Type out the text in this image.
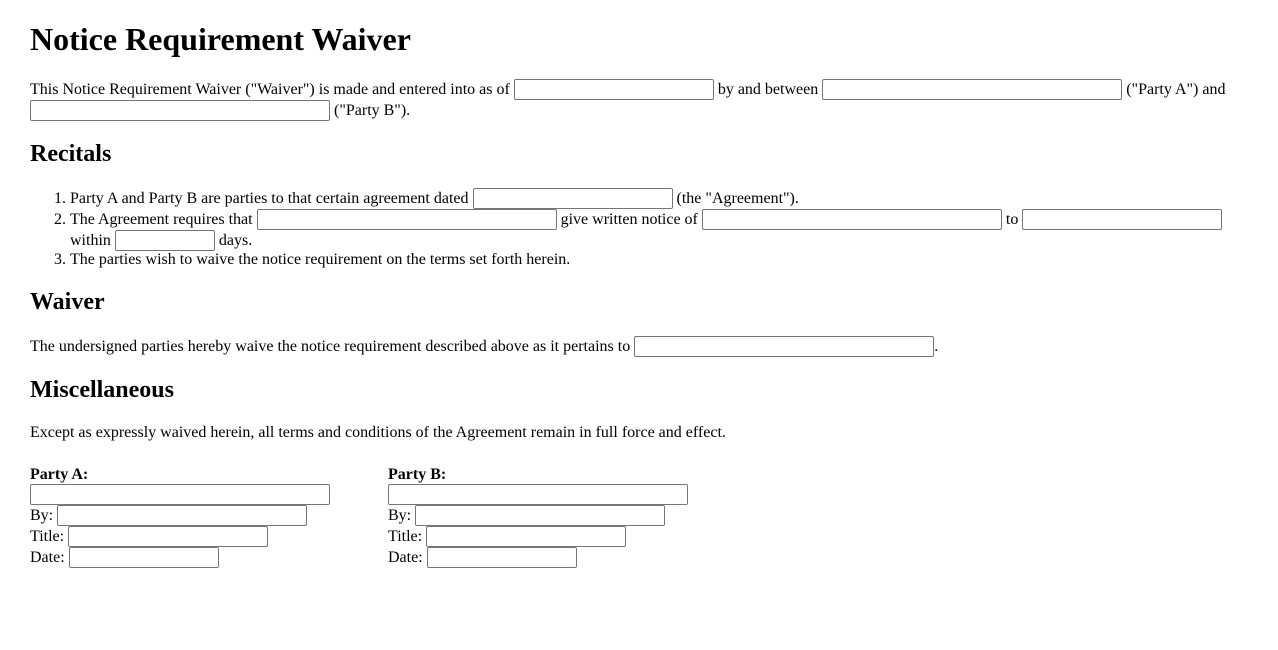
Notice Requirement Waiver

This Notice Requirement Waiver ("Waiver") is made and entered into as of	by and between	("Party A") and  ("Party B").

Recitals
1. Party A and Party B are parties to that certain agreement dated	(the "Agreement").
2. The Agreement requires that	give written notice of	to  within	days.
3. The parties wish to waive the notice requirement on the terms set forth herein.
Waiver

The undersigned parties hereby waive the notice requirement described above as it pertains to	.

Miscellaneous

Except as expressly waived herein, all terms and conditions of the Agreement remain in full force and effect.

Party A:

By:
Title:
Date:
Party B:

By:
Title:
Date:
